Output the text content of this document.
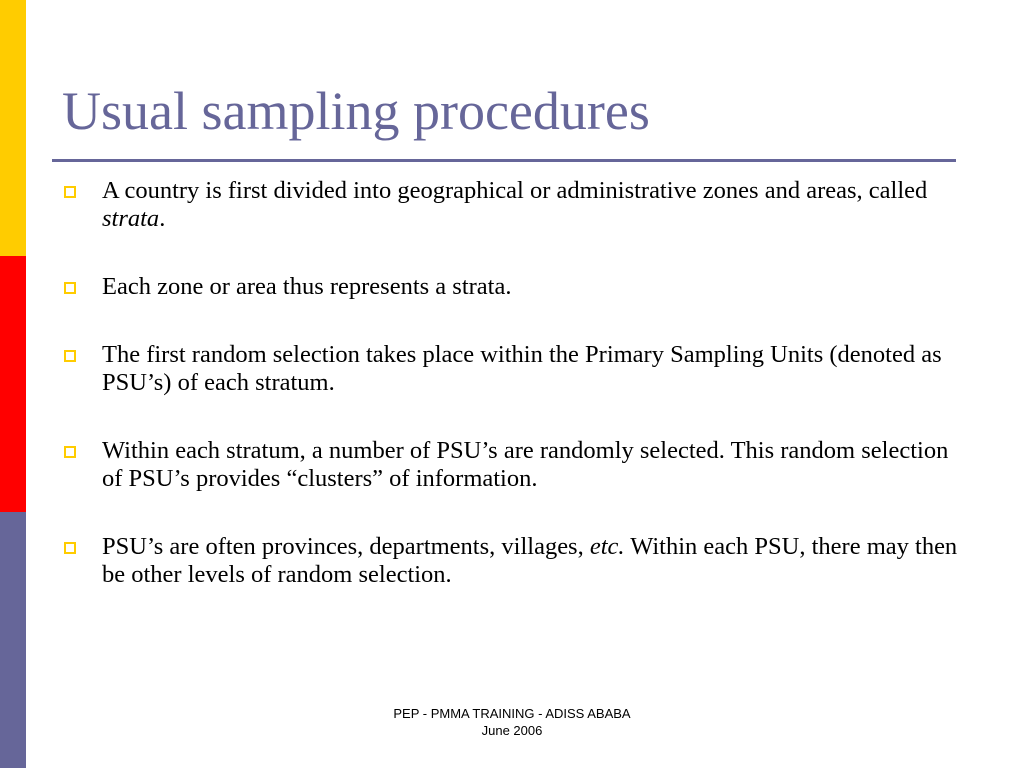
Usual sampling procedures
A country is first divided into geographical or administrative zones and areas, called strata.
Each zone or area thus represents a strata.
The first random selection takes place within the Primary Sampling Units (denoted as PSU’s) of each stratum.
Within each stratum, a number of PSU’s are randomly selected. This random selection of PSU’s provides “clusters” of information.
PSU’s are often provinces, departments, villages, etc. Within each PSU, there may then be other levels of random selection.
PEP - PMMA TRAINING - ADISS ABABA
June 2006
